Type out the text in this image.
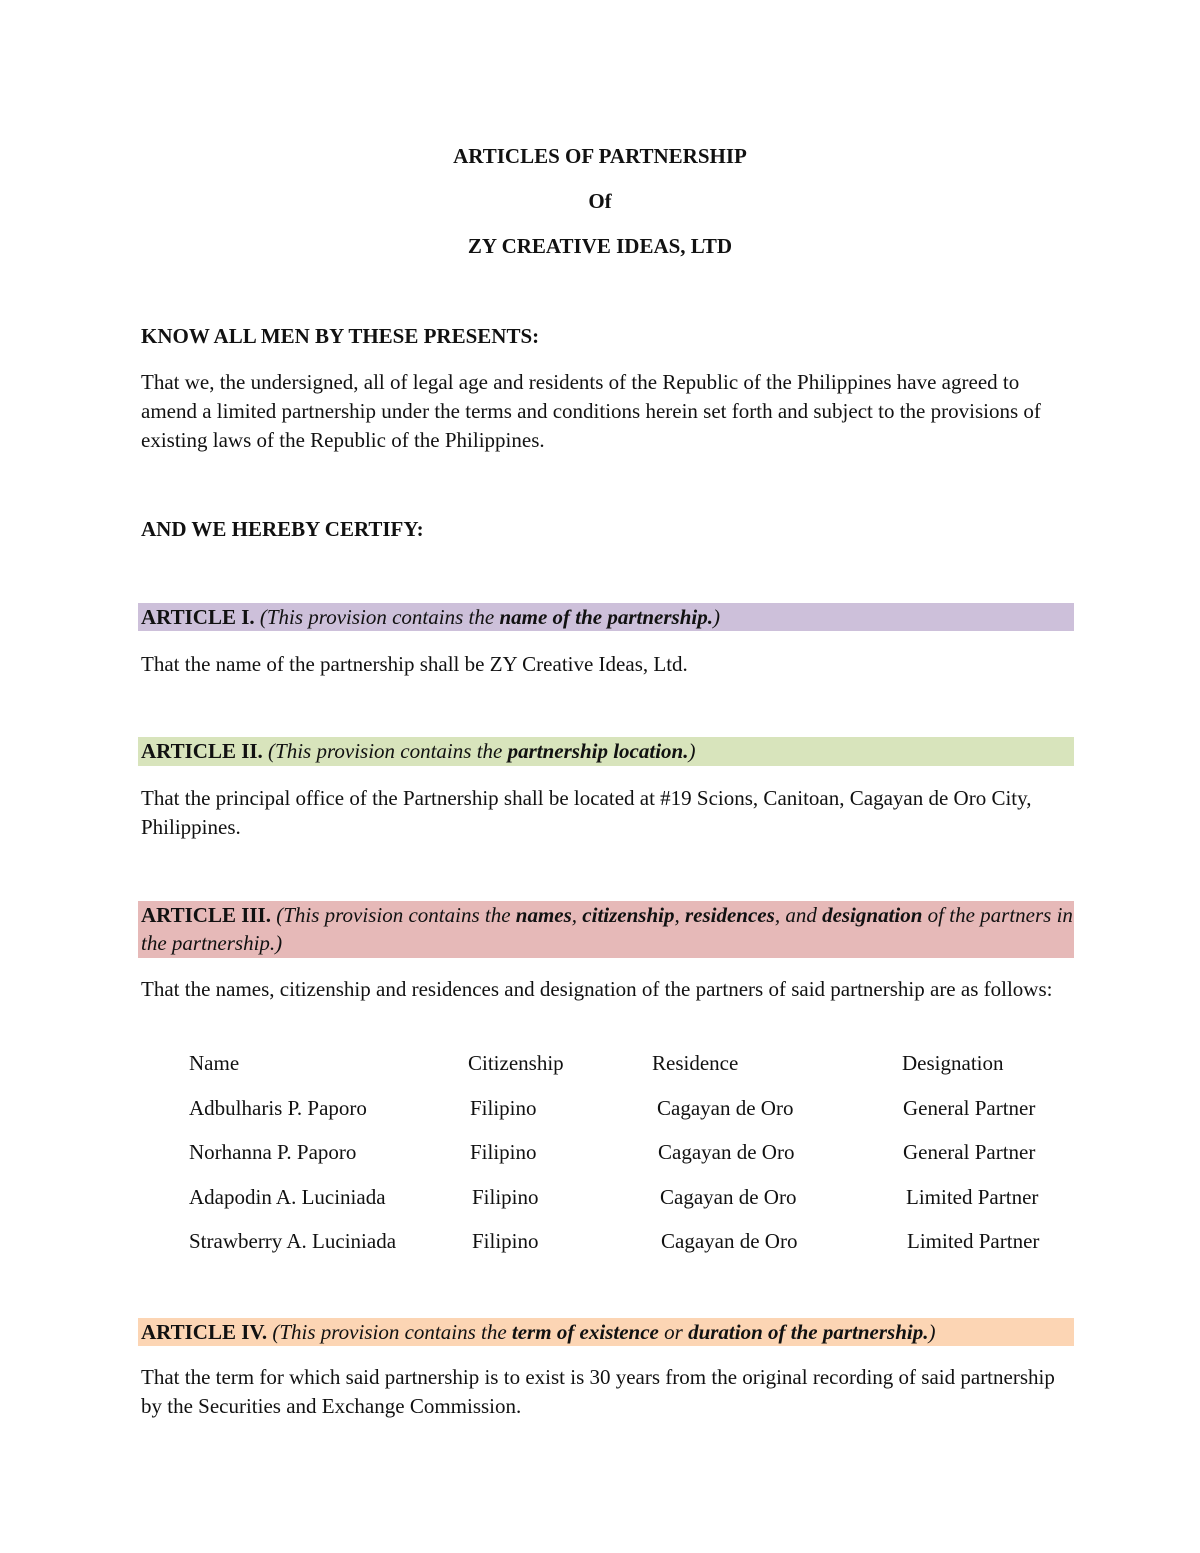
ARTICLES OF PARTNERSHIP
Of
ZY CREATIVE IDEAS, LTD
KNOW ALL MEN BY THESE PRESENTS:
That we, the undersigned, all of legal age and residents of the Republic of the Philippines have agreed to amend a limited partnership under the terms and conditions herein set forth and subject to the provisions of existing laws of the Republic of the Philippines.
AND WE HEREBY CERTIFY:
ARTICLE I. (This provision contains the name of the partnership.)
That the name of the partnership shall be ZY Creative Ideas, Ltd.
ARTICLE II. (This provision contains the partnership location.)
That the principal office of the Partnership shall be located at #19 Scions, Canitoan, Cagayan de Oro City, Philippines.
ARTICLE III. (This provision contains the names, citizenship, residences, and designation of the partners in the partnership.)
That the names, citizenship and residences and designation of the partners of said partnership are as follows:
Name	Citizenship	Residence	Designation
Adbulharis P. Paporo	Filipino	Cagayan de Oro	General Partner
Norhanna P. Paporo	Filipino	Cagayan de Oro	General Partner
Adapodin A. Luciniada	Filipino	Cagayan de Oro	Limited Partner
Strawberry A. Luciniada	Filipino	Cagayan de Oro	Limited Partner
ARTICLE IV. (This provision contains the term of existence or duration of the partnership.)
That the term for which said partnership is to exist is 30 years from the original recording of said partnership by the Securities and Exchange Commission.
